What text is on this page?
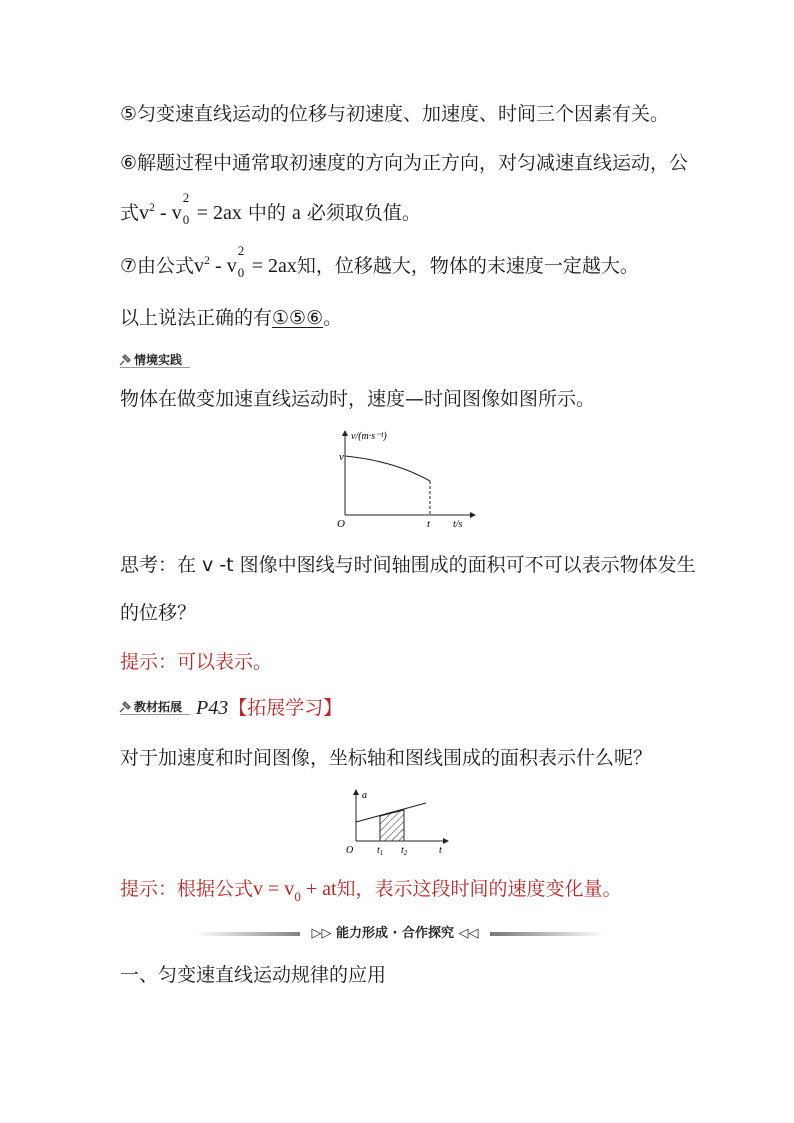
⑤匀变速直线运动的位移与初速度、加速度、时间三个因素有关。
⑥解题过程中通常取初速度的方向为正方向，对匀减速直线运动，公
式$v^2$ - v
2
0 = 2ax 中的 a 必须取负值。
⑦由公式$v^2$ - v
2
0 = 2ax知，位移越大，物体的末速度一定越大。
以上说法正确的有①⑤⑥。
情境实践
物体在做变加速直线运动时，速度—时间图像如图所示。
v/(m·s⁻¹)
v
O	t t/s
思考：在 v -t 图像中图线与时间轴围成的面积可不可以表示物体发生
的位移？
提示：可以表示。
教材拓展 P43【拓展学习】
对于加速度和时间图像，坐标轴和图线围成的面积表示什么呢？
a
O $t_1$ $t_2$	t
提示：根据公式$v = v_0$ + at知，表示这段时间的速度变化量。
▷▷ 能力形成 · 合作探究 ◁◁
一、匀变速直线运动规律的应用
